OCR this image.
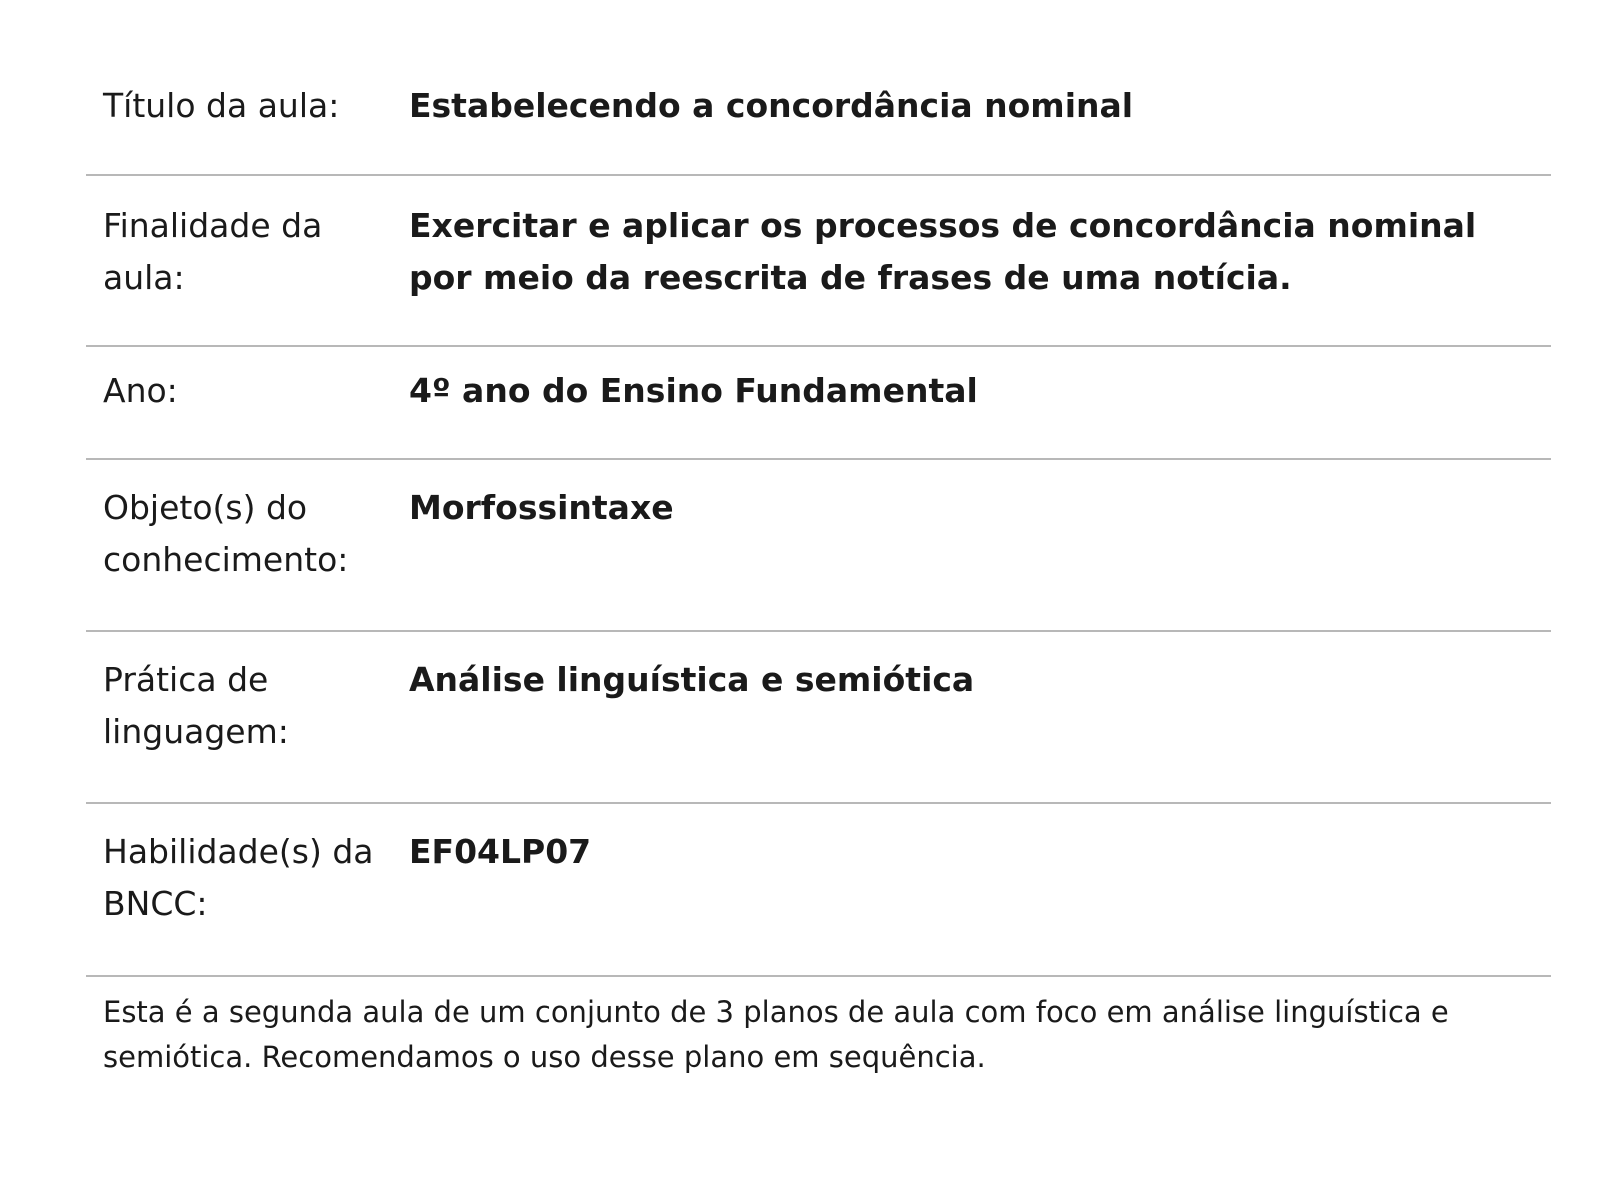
Título da aula:	Estabelecendo a concordância nominal
Finalidade da aula:
Exercitar e aplicar os processos de concordância nominal por meio da reescrita de frases de uma notícia.
Ano:	4º ano do Ensino Fundamental
Objeto(s) do conhecimento:
Morfossintaxe
Prática de linguagem:
Análise linguística e semiótica
Habilidade(s) da BNCC:
EF04LP07
Esta é a segunda aula de um conjunto de 3 planos de aula com foco em análise linguística e semiótica. Recomendamos o uso desse plano em sequência.
